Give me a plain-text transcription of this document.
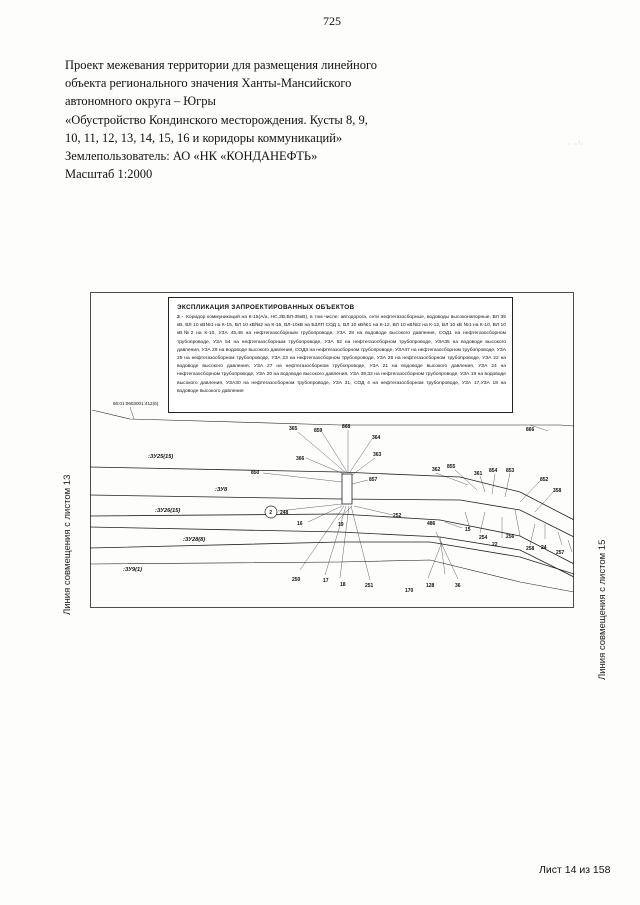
725
Проект межевания территории для размещения линейного
объекта регионального значения Ханты-Мансийского
автономного округа – Югры
«Обустройство Кондинского месторождения. Кусты 8, 9,
10, 11, 12, 13, 14, 15, 16 и коридоры коммуникаций»
Землепользователь: АО «НК «КОНДАНЕФТЬ»
Масштаб 1:2000
· ·'·
2
86:01:0603001:412(6)
:ЗУ25(15)
:ЗУ8
:ЗУ26(15)
:ЗУ28(8)
:ЗУ9(1)
365	859
868
364
866
366
363
850
857
362 855
361 854 853
852
358
248
16	19
252
486
15
254
22
256
258 24
257
250	17
18	251
170
128	36
ЭКСПЛИКАЦИЯ ЗАПРОЕКТИРОВАННЫХ ОБЪЕКТОВ
2 - Коридор коммуникаций на К-15(А/а, НС,ЗВ,ВЛ-35кВ), в том числе: автодорога, сети нефтегазосборные, водоводы высоконапорные, ВЛ 35 кВ, ВЛ 10 кВ№1 на К-15, ВЛ 10 кВ№2 на К-15, ВЛ-10кВ на БЗЛП СОД 1, ВЛ 10 кВ№1 на К-12, ВЛ 10 кВ№2 на К-12, ВЛ 10 кВ №1 на К-10, ВЛ 10 кВ№2 на К-10, УЗА 45,46 на нефтегазосборным трубопроводе, УЗА 28 на водоводе высокого давления, СОД1 на нефтегазосборном трубопроводе, УЗА 54 на нефтегазосборным трубопроводе, УЗА 52 на нефтегазосборном трубопроводе, УЗА35 на водоводе высокого давления, УЗА 29 на водоводе высокого давления, СОД3 на нефтегазосборном трубопроводе, УЗА47 на нефтегазосборном трубопроводе, УЗА 25 на нефтегазосборном трубопроводе, УЗА 23 на нефтегазосборном трубопроводе, УЗА 26 на нефтегазосборном трубопроводе, УЗА 22 на водоводе высокого давления, УЗА 27 на нефтегазосборном трубопроводе, УЗА 21 на водоводе высокого давления, УЗА 24 на нефтегазосборном трубопроводе, УЗА 20 на водоводе высокого давления, УЗА 39,32 на нефтегазосборном трубопроводе, УЗА 19 на водоводе высокого давления, УЗА30 на нефтегазосборном трубопроводе, УЗА 31, СОД 4 на нефтегазосборном трубопроводе, УЗА 17,УЗА 18 на водоводе высокого давления
Линия совмещения с листом 13	Линия совмещения с листом 15
Лист 14 из 158
